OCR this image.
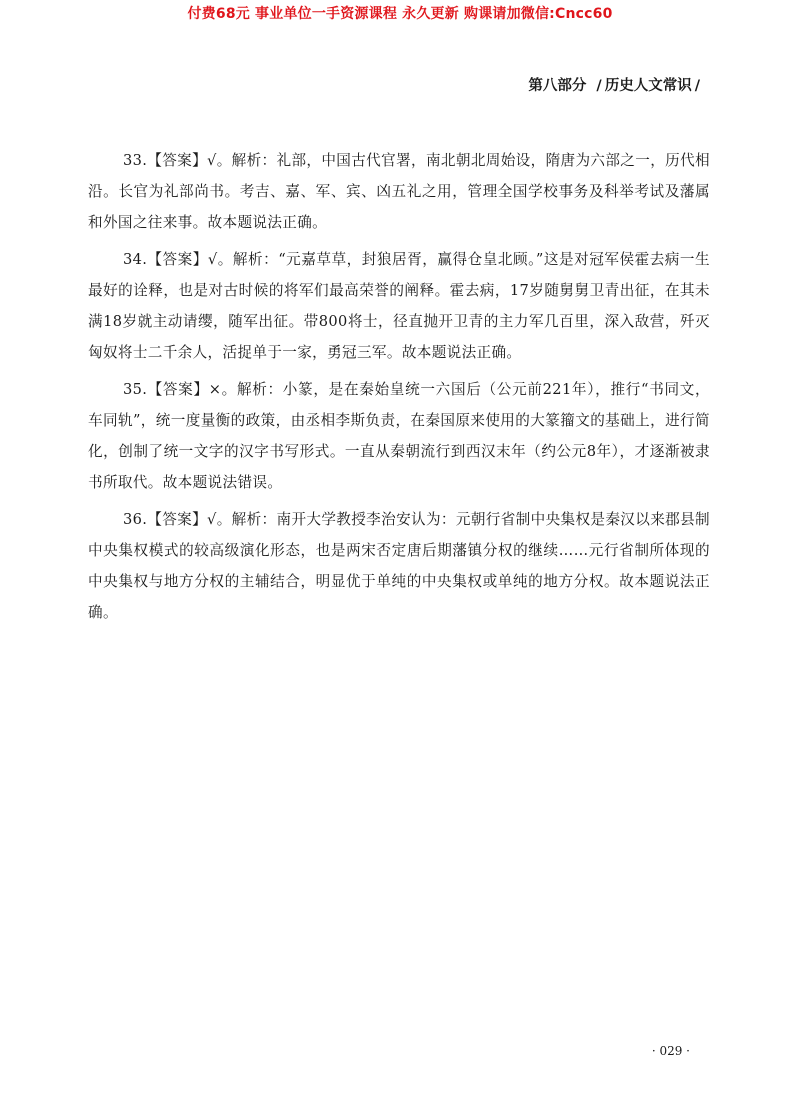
付费68元 事业单位一手资源课程 永久更新 购课请加微信:Cncc60
第八部分 / 历史人文常识 /

33.【答案】√。解析：礼部，中国古代官署，南北朝北周始设，隋唐为六部之一，历代相沿。长官为礼部尚书。考吉、嘉、军、宾、凶五礼之用，管理全国学校事务及科举考试及藩属和外国之往来事。故本题说法正确。

34.【答案】√。解析：“元嘉草草，封狼居胥，赢得仓皇北顾。”这是对冠军侯霍去病一生最好的诠释，也是对古时候的将军们最高荣誉的阐释。霍去病，17岁随舅舅卫青出征，在其未满18岁就主动请缨，随军出征。带800将士，径直抛开卫青的主力军几百里，深入敌营，歼灭匈奴将士二千余人，活捉单于一家，勇冠三军。故本题说法正确。

35.【答案】×。解析：小篆，是在秦始皇统一六国后（公元前221年），推行“书同文，车同轨”，统一度量衡的政策，由丞相李斯负责，在秦国原来使用的大篆籀文的基础上，进行简化，创制了统一文字的汉字书写形式。一直从秦朝流行到西汉末年（约公元8年），才逐渐被隶书所取代。故本题说法错误。

36.【答案】√。解析：南开大学教授李治安认为：元朝行省制中央集权是秦汉以来郡县制中央集权模式的较高级演化形态，也是两宋否定唐后期藩镇分权的继续……元行省制所体现的中央集权与地方分权的主辅结合，明显优于单纯的中央集权或单纯的地方分权。故本题说法正确。

· 029 ·
